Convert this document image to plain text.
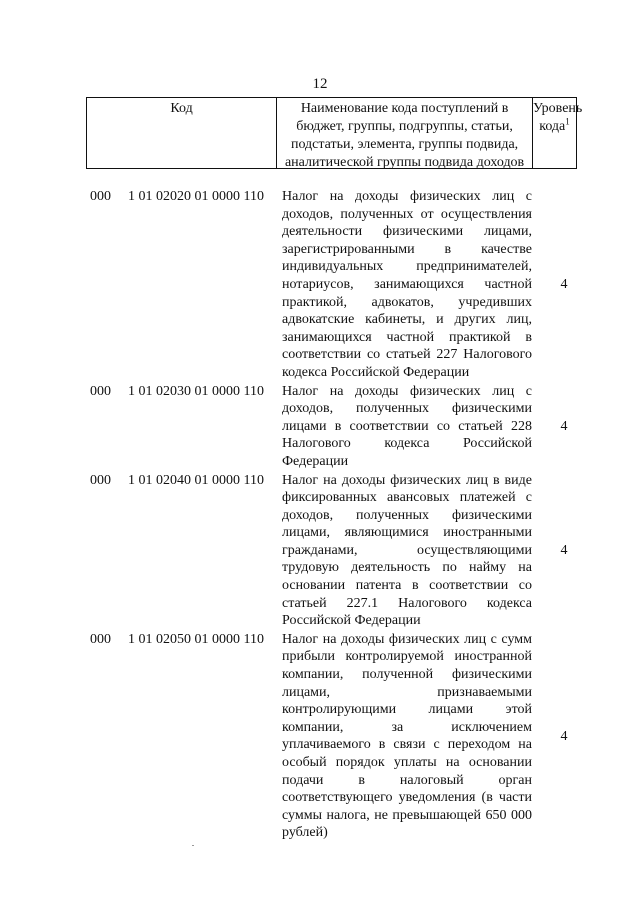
12
Код	Наименование кода поступлений в бюджет, группы, подгруппы, статьи, подстатьи, элемента, группы подвида, аналитической группы подвида доходов
Уровень кода$^1$
000	1 01 02020 01 0000 110	Налог на доходы физических лиц с доходов, полученных от осуществления деятельности физическими лицами, зарегистрированными в качестве индивидуальных предпринимателей, нотариусов, занимающихся частной практикой, адвокатов, учредивших адвокатские кабинеты, и других лиц, занимающихся частной практикой в соответствии со статьей 227 Налогового кодекса Российской Федерации
4
000	1 01 02030 01 0000 110	Налог на доходы физических лиц с доходов, полученных физическими лицами в соответствии со статьей 228 Налогового кодекса Российской Федерации
4
000	1 01 02040 01 0000 110	Налог на доходы физических лиц в виде фиксированных авансовых платежей с доходов, полученных физическими лицами, являющимися иностранными гражданами, осуществляющими трудовую деятельность по найму на основании патента в соответствии со статьей 227.1 Налогового кодекса Российской Федерации
4
000	1 01 02050 01 0000 110	Налог на доходы физических лиц с сумм прибыли контролируемой иностранной компании, полученной физическими лицами, признаваемыми контролирующими лицами этой компании, за исключением уплачиваемого в связи с переходом на особый порядок уплаты на основании подачи в налоговый орган соответствующего уведомления (в части суммы налога, не превышающей 650 000 рублей)
4
